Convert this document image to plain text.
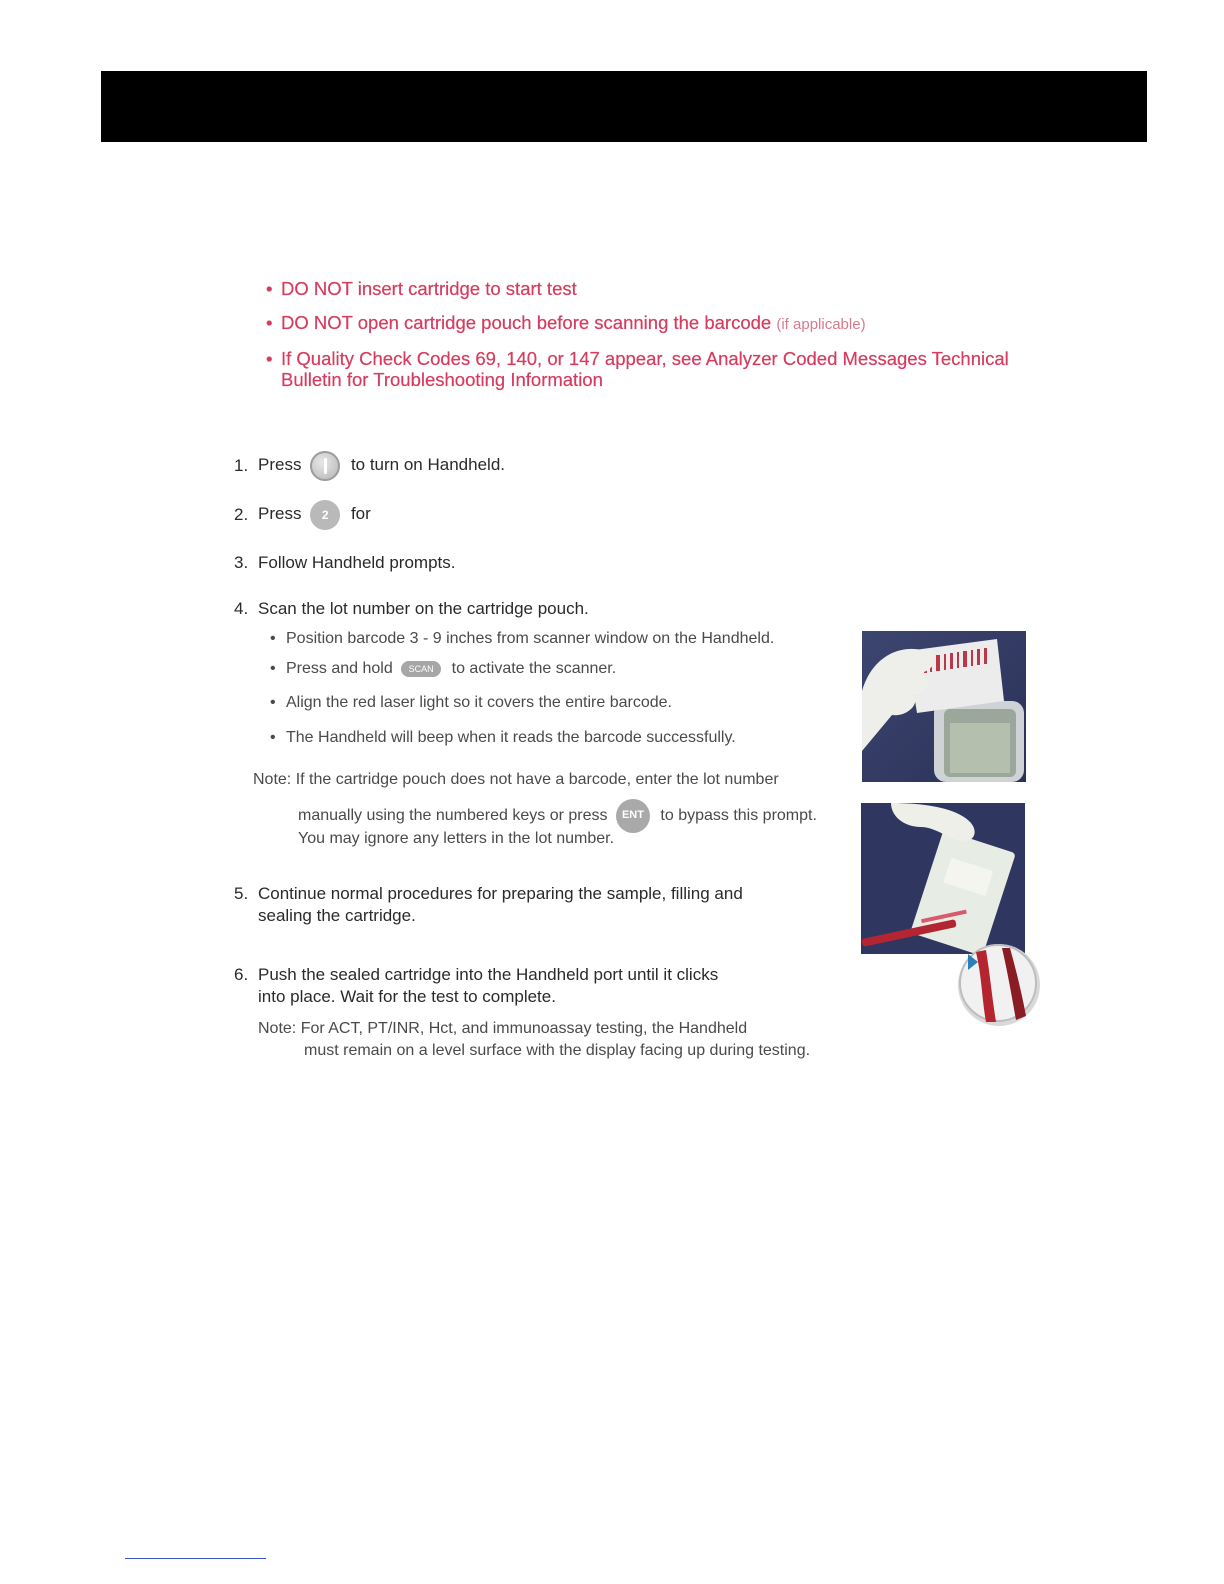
• DO NOT insert cartridge to start test
• DO NOT open cartridge pouch before scanning the barcode (if applicable)
• If Quality Check Codes 69, 140, or 147 appear, see Analyzer Coded Messages Technical Bulletin for Troubleshooting Information
1. Press	to turn on Handheld.
2. Press 2 for
3. Follow Handheld prompts.
4. Scan the lot number on the cartridge pouch.
• Position barcode 3 - 9 inches from scanner window on the Handheld.
• Press and hold SCAN to activate the scanner.
• Align the red laser light so it covers the entire barcode.
• The Handheld will beep when it reads the barcode successfully.
Note: If the cartridge pouch does not have a barcode, enter the lot number
manually using the numbered keys or press ENT to bypass this prompt.
You may ignore any letters in the lot number.
5. Continue normal procedures for preparing the sample, filling and
sealing the cartridge.
6. Push the sealed cartridge into the Handheld port until it clicks
into place. Wait for the test to complete.
Note: For ACT, PT/INR, Hct, and immunoassay testing, the Handheld
must remain on a level surface with the display facing up during testing.
